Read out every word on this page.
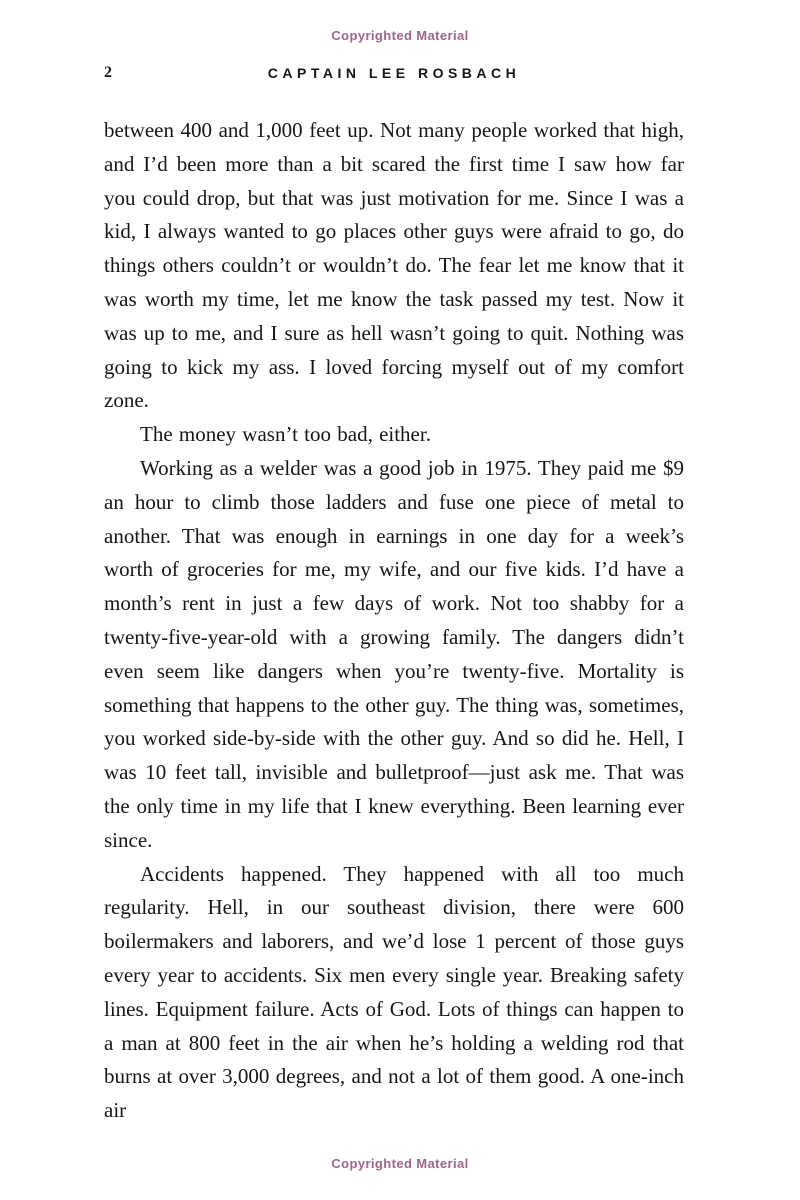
Copyrighted Material
2	CAPTAIN LEE ROSBACH

between 400 and 1,000 feet up. Not many people worked that high, and I’d been more than a bit scared the first time I saw how far you could drop, but that was just motivation for me. Since I was a kid, I always wanted to go places other guys were afraid to go, do things others couldn’t or wouldn’t do. The fear let me know that it was worth my time, let me know the task passed my test. Now it was up to me, and I sure as hell wasn’t going to quit. Nothing was going to kick my ass. I loved forcing myself out of my comfort zone.

The money wasn’t too bad, either.

Working as a welder was a good job in 1975. They paid me $9 an hour to climb those ladders and fuse one piece of metal to another. That was enough in earnings in one day for a week’s worth of groceries for me, my wife, and our five kids. I’d have a month’s rent in just a few days of work. Not too shabby for a twenty-five-year-old with a growing family. The dangers didn’t even seem like dangers when you’re twenty-five. Mortality is something that happens to the other guy. The thing was, sometimes, you worked side-by-side with the other guy. And so did he. Hell, I was 10 feet tall, invisible and bulletproof—just ask me. That was the only time in my life that I knew everything. Been learning ever since.

Accidents happened. They happened with all too much regularity. Hell, in our southeast division, there were 600 boilermakers and laborers, and we’d lose 1 percent of those guys every year to accidents. Six men every single year. Breaking safety lines. Equipment failure. Acts of God. Lots of things can happen to a man at 800 feet in the air when he’s holding a welding rod that burns at over 3,000 degrees, and not a lot of them good. A one-inch air

Copyrighted Material
